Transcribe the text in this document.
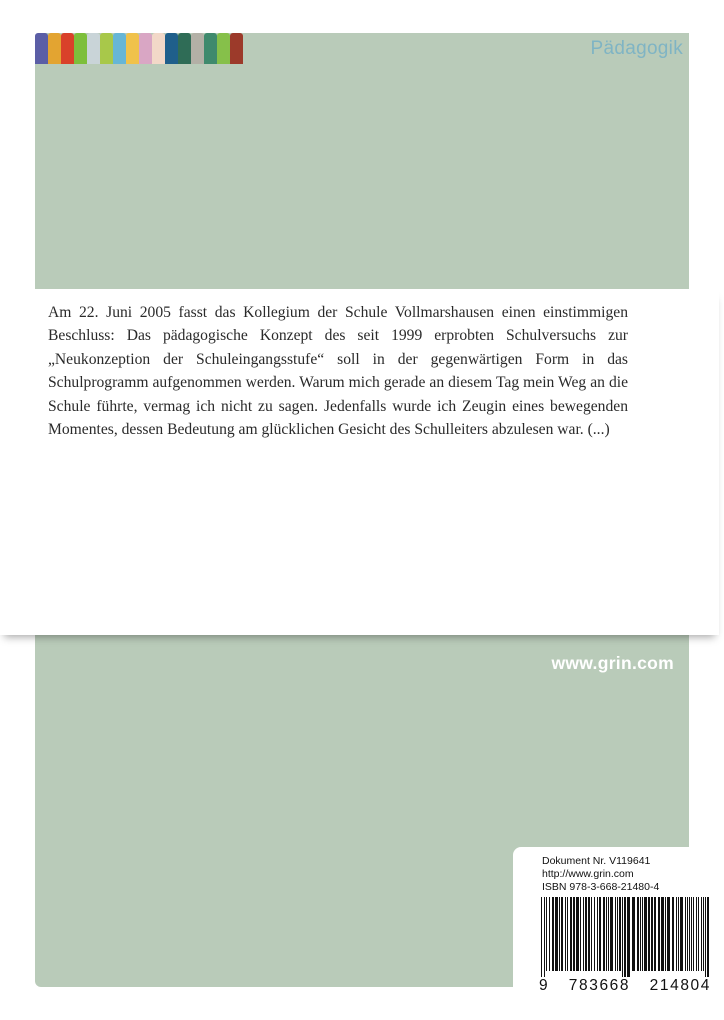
Pädagogik
www.grin.com
Dokument Nr. V119641
http://www.grin.com
ISBN 978-3-668-21480-4
9 783668 214804

Am 22. Juni 2005 fasst das Kollegium der Schule Vollmarshausen einen einstimmigen Beschluss: Das pädagogische Konzept des seit 1999 erprobten Schulversuchs zur „Neukonzeption der Schuleingangsstufe“ soll in der gegenwärtigen Form in das Schulprogramm aufgenommen werden. Warum mich gerade an diesem Tag mein Weg an die Schule führte, vermag ich nicht zu sagen. Jedenfalls wurde ich Zeugin eines bewegenden Momentes, dessen Bedeutung am glücklichen Gesicht des Schulleiters abzulesen war. (...)
